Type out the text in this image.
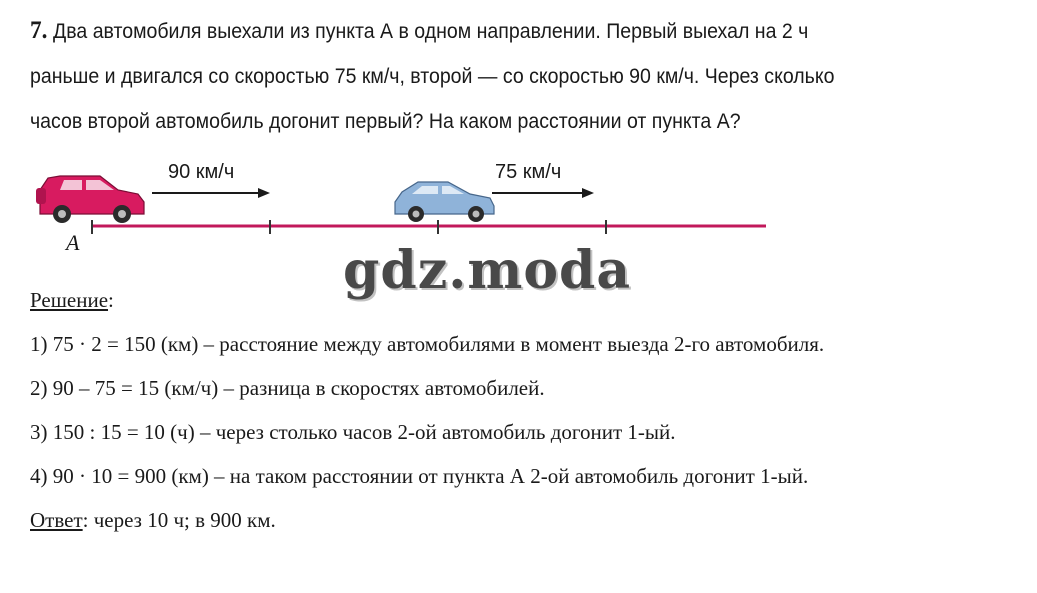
7. Два автомобиля выехали из пункта А в одном направлении. Первый выехал на 2 ч
раньше и двигался со скоростью 75 км/ч, второй — со скоростью 90 км/ч. Через сколько
часов второй автомобиль догонит первый? На каком расстоянии от пункта А?
90 км/ч	75 км/ч
A	gdz.moda
Решение:
1) 75 · 2 = 150 (км) – расстояние между автомобилями в момент выезда 2-го автомобиля.
2) 90 – 75 = 15 (км/ч) – разница в скоростях автомобилей.
3) 150 : 15 = 10 (ч) – через столько часов 2-ой автомобиль догонит 1-ый.
4) 90 · 10 = 900 (км) – на таком расстоянии от пункта А 2-ой автомобиль догонит 1-ый.
Ответ: через 10 ч; в 900 км.
